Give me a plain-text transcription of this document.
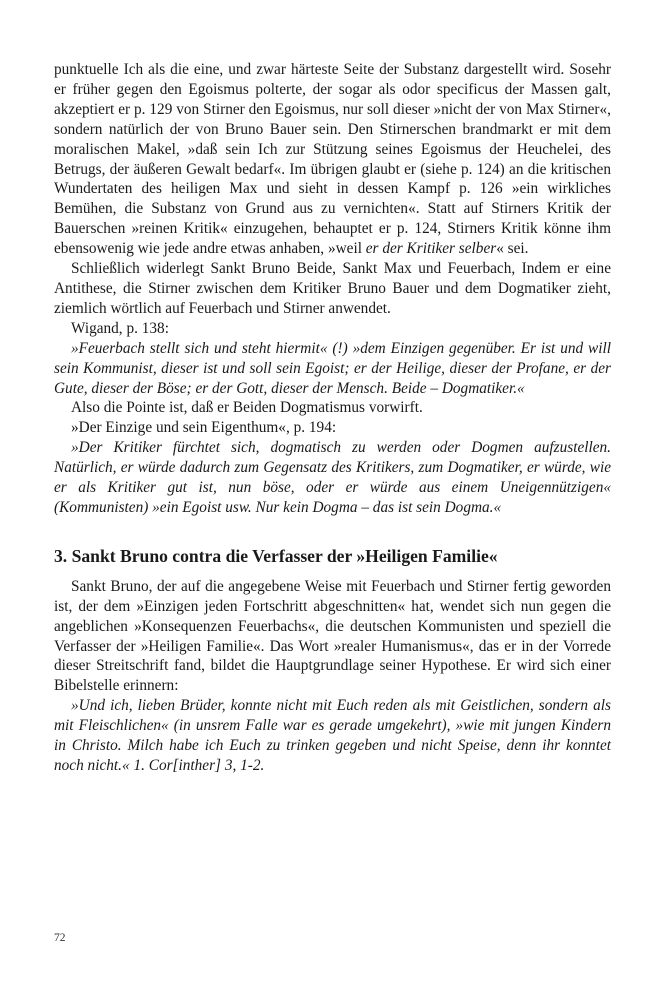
punktuelle Ich als die eine, und zwar härteste Seite der Substanz dargestellt wird. Sosehr er früher gegen den Egoismus polterte, der sogar als odor specificus der Massen galt, akzeptiert er p. 129 von Stirner den Egoismus, nur soll dieser »nicht der von Max Stirner«, sondern natürlich der von Bruno Bauer sein. Den Stirnerschen brandmarkt er mit dem moralischen Makel, »daß sein Ich zur Stützung seines Egoismus der Heuchelei, des Betrugs, der äußeren Gewalt bedarf«. Im übrigen glaubt er (siehe p. 124) an die kritischen Wundertaten des heiligen Max und sieht in dessen Kampf p. 126 »ein wirkliches Bemühen, die Substanz von Grund aus zu vernichten«. Statt auf Stirners Kritik der Bauerschen »reinen Kritik« einzugehen, behauptet er p. 124, Stirners Kritik könne ihm ebensowenig wie jede andre etwas anhaben, »weil er der Kritiker selber« sei.

Schließlich widerlegt Sankt Bruno Beide, Sankt Max und Feuerbach, Indem er eine Antithese, die Stirner zwischen dem Kritiker Bruno Bauer und dem Dogmatiker zieht, ziemlich wörtlich auf Feuerbach und Stirner anwendet.

Wigand, p. 138:

»Feuerbach stellt sich und steht hiermit« (!) »dem Einzigen gegenüber. Er ist und will sein Kommunist, dieser ist und soll sein Egoist; er der Heilige, dieser der Profane, er der Gute, dieser der Böse; er der Gott, dieser der Mensch. Beide – Dogmatiker.«

Also die Pointe ist, daß er Beiden Dogmatismus vorwirft.

»Der Einzige und sein Eigenthum«, p. 194:

»Der Kritiker fürchtet sich, dogmatisch zu werden oder Dogmen aufzustellen. Natürlich, er würde dadurch zum Gegensatz des Kritikers, zum Dogmatiker, er würde, wie er als Kritiker gut ist, nun böse, oder er würde aus einem Uneigennützigen« (Kommunisten) »ein Egoist usw. Nur kein Dogma – das ist sein Dogma.«

3. Sankt Bruno contra die Verfasser der »Heiligen Familie«

Sankt Bruno, der auf die angegebene Weise mit Feuerbach und Stirner fertig geworden ist, der dem »Einzigen jeden Fortschritt abgeschnitten« hat, wendet sich nun gegen die angeblichen »Konsequenzen Feuerbachs«, die deutschen Kommunisten und speziell die Verfasser der »Heiligen Familie«. Das Wort »realer Humanismus«, das er in der Vorrede dieser Streitschrift fand, bildet die Hauptgrundlage seiner Hypothese. Er wird sich einer Bibelstelle erinnern:

»Und ich, lieben Brüder, konnte nicht mit Euch reden als mit Geistlichen, sondern als mit Fleischlichen« (in unsrem Falle war es gerade umgekehrt), »wie mit jungen Kindern in Christo. Milch habe ich Euch zu trinken gegeben und nicht Speise, denn ihr konntet noch nicht.« 1. Cor[inther] 3, 1-2.

72
